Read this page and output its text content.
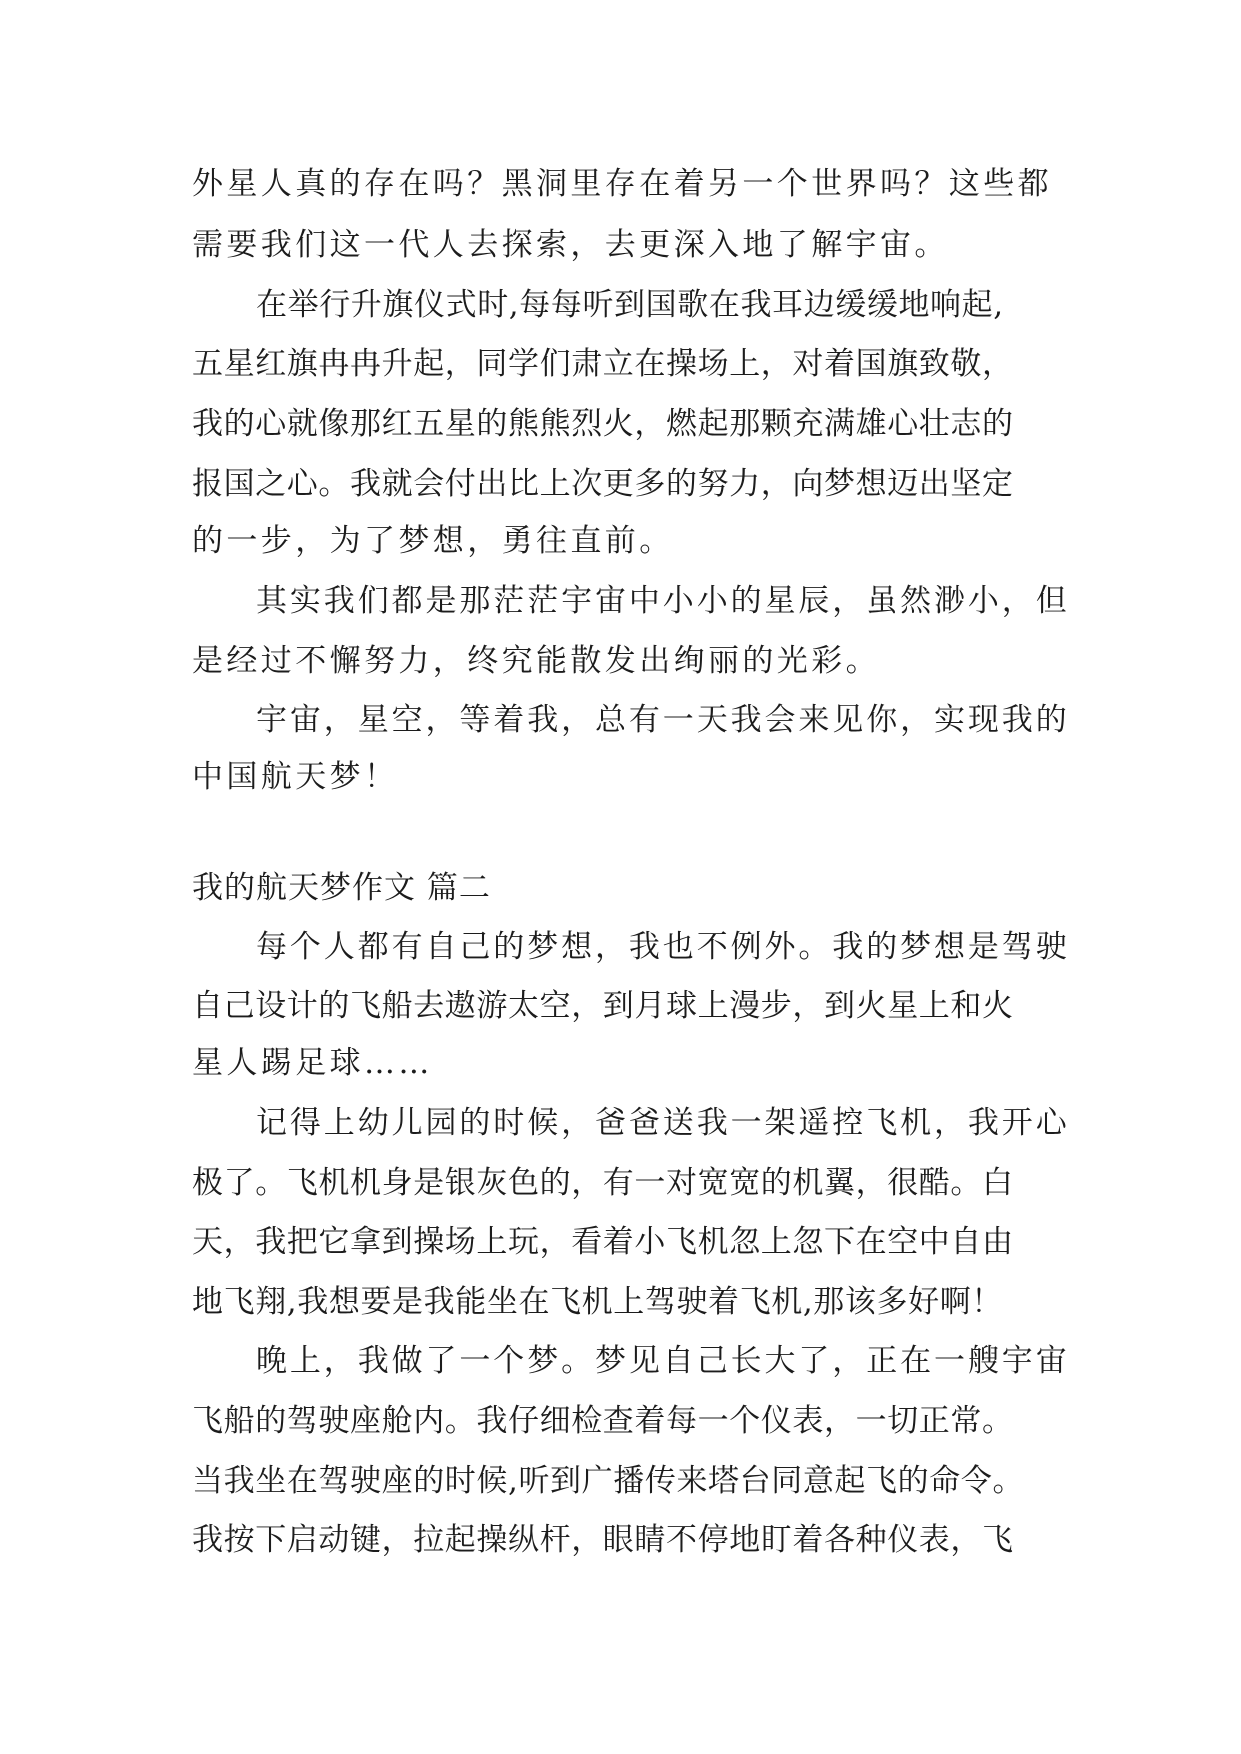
外星人真的存在吗？黑洞里存在着另一个世界吗？这些都

需要我们这一代人去探索，去更深入地了解宇宙。

在举行升旗仪式时,每每听到国歌在我耳边缓缓地响起,

五星红旗冉冉升起，同学们肃立在操场上，对着国旗致敬，

我的心就像那红五星的熊熊烈火，燃起那颗充满雄心壮志的

报国之心。我就会付出比上次更多的努力，向梦想迈出坚定

的一步，为了梦想，勇往直前。

其实我们都是那茫茫宇宙中小小的星辰，虽然渺小，但

是经过不懈努力，终究能散发出绚丽的光彩。

宇宙，星空，等着我，总有一天我会来见你，实现我的

中国航天梦！

我的航天梦作文 篇二

每个人都有自己的梦想，我也不例外。我的梦想是驾驶

自己设计的飞船去遨游太空，到月球上漫步，到火星上和火

星人踢足球……

记得上幼儿园的时候，爸爸送我一架遥控飞机，我开心

极了。飞机机身是银灰色的，有一对宽宽的机翼，很酷。白

天，我把它拿到操场上玩，看着小飞机忽上忽下在空中自由

地飞翔,我想要是我能坐在飞机上驾驶着飞机,那该多好啊！

晚上，我做了一个梦。梦见自己长大了，正在一艘宇宙

飞船的驾驶座舱内。我仔细检查着每一个仪表，一切正常。

当我坐在驾驶座的时候,听到广播传来塔台同意起飞的命令。

我按下启动键，拉起操纵杆，眼睛不停地盯着各种仪表，飞
